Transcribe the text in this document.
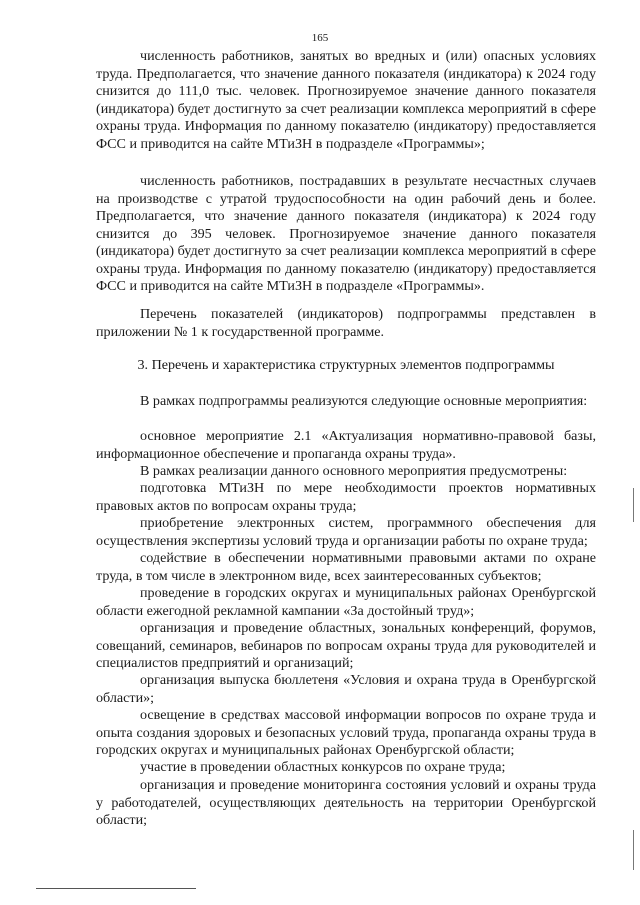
165
численность работников, занятых во вредных и (или) опасных условиях труда. Предполагается, что значение данного показателя (индикатора) к 2024 году снизится до 111,0 тыс. человек. Прогнозируемое значение данного показателя (индикатора) будет достигнуто за счет реализации комплекса мероприятий в сфере охраны труда. Информация по данному показателю (индикатору) предоставляется ФСС и приводится на сайте МТиЗН в подразделе «Программы»;
численность работников, пострадавших в результате несчастных случаев на производстве с утратой трудоспособности на один рабочий день и более. Предполагается, что значение данного показателя (индикатора) к 2024 году снизится до 395 человек. Прогнозируемое значение данного показателя (индикатора) будет достигнуто за счет реализации комплекса мероприятий в сфере охраны труда. Информация по данному показателю (индикатору) предоставляется ФСС и приводится на сайте МТиЗН в подразделе «Программы».
Перечень показателей (индикаторов) подпрограммы представлен в приложении № 1 к государственной программе.
3. Перечень и характеристика структурных элементов подпрограммы
В рамках подпрограммы реализуются следующие основные мероприятия:
основное мероприятие 2.1 «Актуализация нормативно-правовой базы, информационное обеспечение и пропаганда охраны труда».
В рамках реализации данного основного мероприятия предусмотрены:
подготовка МТиЗН по мере необходимости проектов нормативных правовых актов по вопросам охраны труда;
приобретение электронных систем, программного обеспечения для осуществления экспертизы условий труда и организации работы по охране труда;
содействие в обеспечении нормативными правовыми актами по охране труда, в том числе в электронном виде, всех заинтересованных субъектов;
проведение в городских округах и муниципальных районах Оренбургской области ежегодной рекламной кампании «За достойный труд»;
организация и проведение областных, зональных конференций, форумов, совещаний, семинаров, вебинаров по вопросам охраны труда для руководителей и специалистов предприятий и организаций;
организация выпуска бюллетеня «Условия и охрана труда в Оренбургской области»;
освещение в средствах массовой информации вопросов по охране труда и опыта создания здоровых и безопасных условий труда, пропаганда охраны труда в городских округах и муниципальных районах Оренбургской области;
участие в проведении областных конкурсов по охране труда;
организация и проведение мониторинга состояния условий и охраны труда у работодателей, осуществляющих деятельность на территории Оренбургской области;
